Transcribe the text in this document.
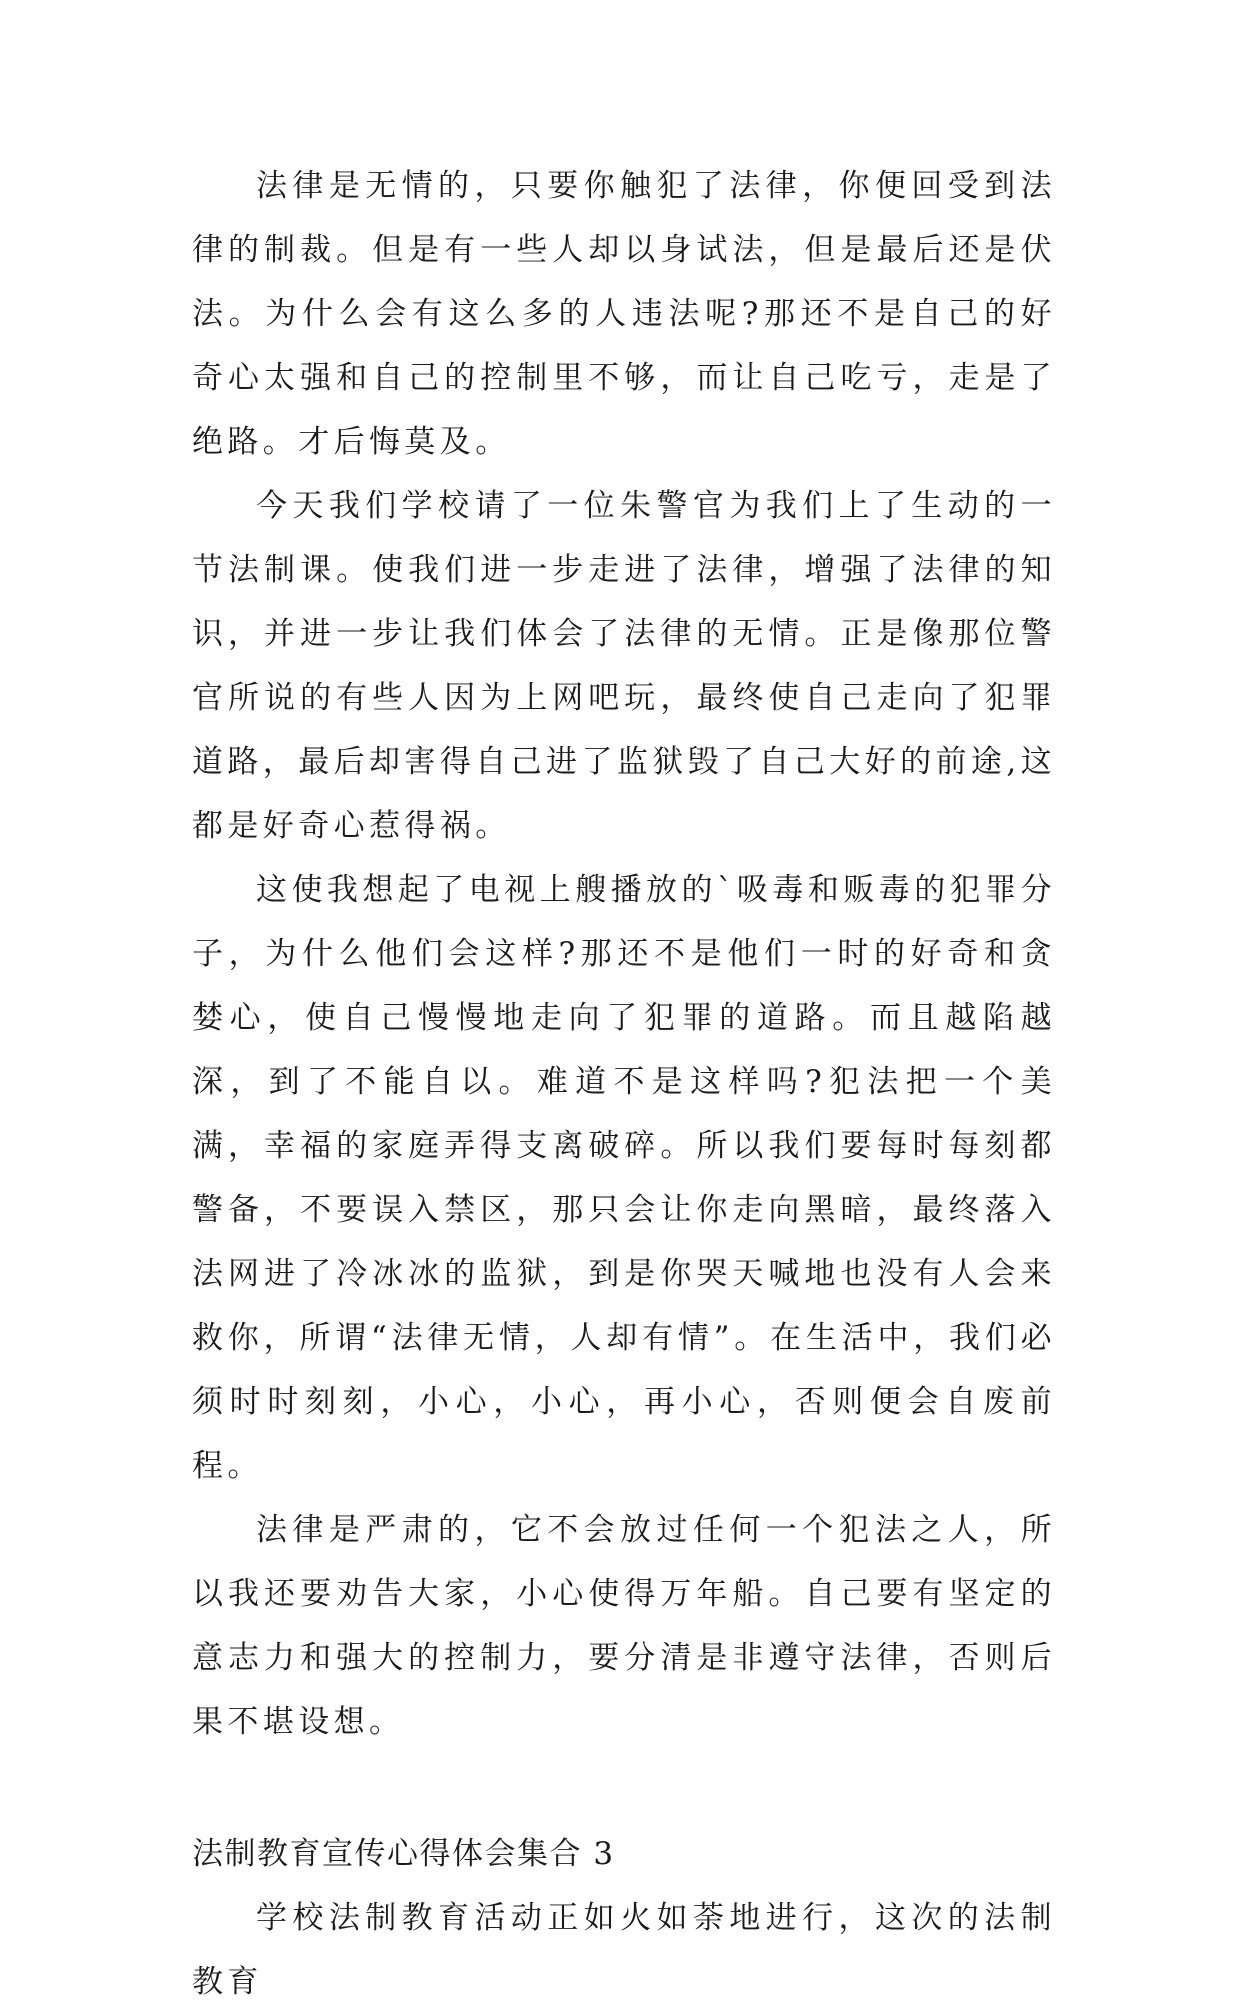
法律是无情的，只要你触犯了法律，你便回受到法律的制裁。但是有一些人却以身试法，但是最后还是伏法。为什么会有这么多的人违法呢?那还不是自己的好奇心太强和自己的控制里不够，而让自己吃亏，走是了绝路。才后悔莫及。

今天我们学校请了一位朱警官为我们上了生动的一节法制课。使我们进一步走进了法律，增强了法律的知识，并进一步让我们体会了法律的无情。正是像那位警官所说的有些人因为上网吧玩，最终使自己走向了犯罪道路，最后却害得自己进了监狱毁了自己大好的前途,这都是好奇心惹得祸。

这使我想起了电视上艘播放的`吸毒和贩毒的犯罪分子，为什么他们会这样?那还不是他们一时的好奇和贪婪心，使自己慢慢地走向了犯罪的道路。而且越陷越深，到了不能自以。难道不是这样吗?犯法把一个美满，幸福的家庭弄得支离破碎。所以我们要每时每刻都警备，不要误入禁区，那只会让你走向黑暗，最终落入法网进了冷冰冰的监狱，到是你哭天喊地也没有人会来救你，所谓“法律无情，人却有情”。在生活中，我们必须时时刻刻，小心，小心，再小心，否则便会自废前程。

法律是严肃的，它不会放过任何一个犯法之人，所以我还要劝告大家，小心使得万年船。自己要有坚定的意志力和强大的控制力，要分清是非遵守法律，否则后果不堪设想。

法制教育宣传心得体会集合 3

学校法制教育活动正如火如荼地进行，这次的法制教育
